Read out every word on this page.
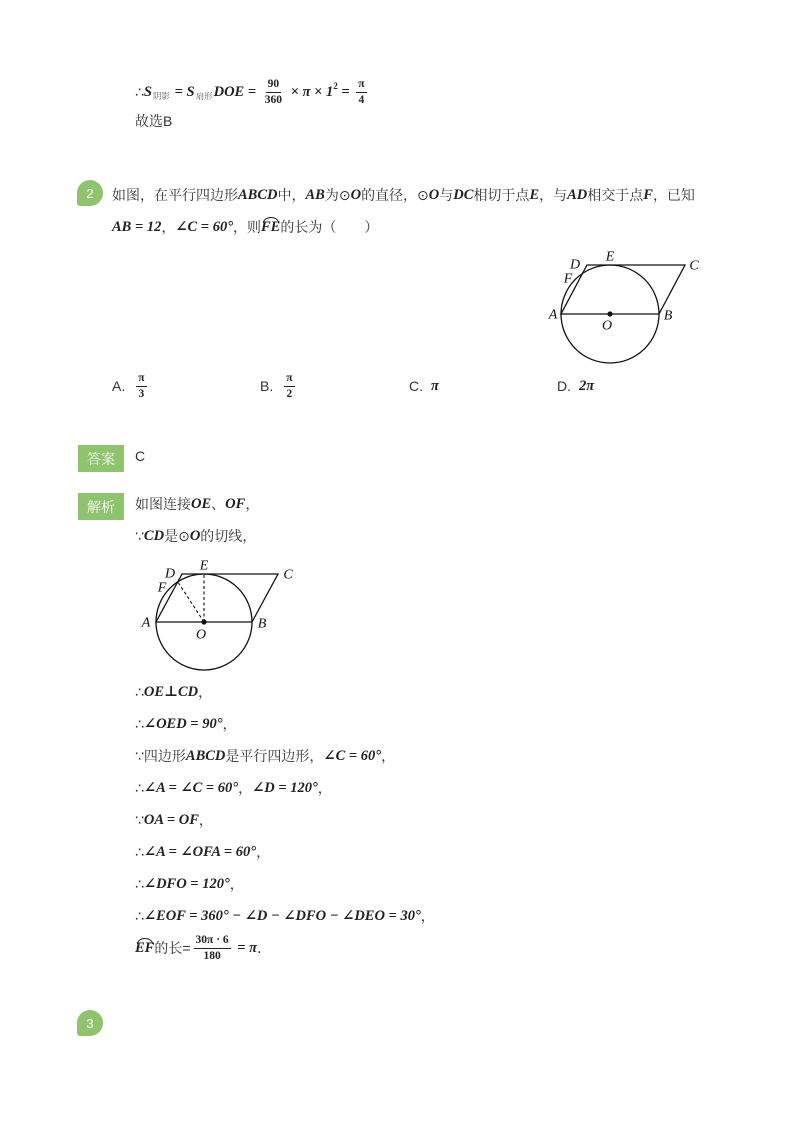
∴ S 阴影 = S 扇形 DOE = $\frac{90}{360} \times \pi \times 1$ $2 = \frac{\pi}{4}$
故选B
2	如图，在平行四边形 ABCD 中， AB 为⊙ O 的直径，⊙ O 与 DC 相切于点 E ，与 AD 相交于点 F ，已知
AB = 12 ， ∠C = 60° ，则 FE 的长为（　　）
D
E
C
F
A
O
B
A. $\frac{\pi}{3}$	B. $\frac{\pi}{2}$	C. π	D. 2π
答案	C
解析	如图连接 OE 、 OF ，
∵ CD 是⊙ O 的切线，
D
E
C
F
A
O
B
∴ OE⊥CD ，
∴ ∠OED = 90° ，
∵四边形 ABCD 是平行四边形， ∠C = 60° ，
∴ ∠A = ∠C = 60° ， ∠D = 120° ，
∵ OA = OF ，
∴ ∠A = ∠OFA = 60° ，
∴ ∠DFO = 120° ，
∴ ∠EOF = 360° − ∠D − ∠DFO − ∠DEO = 30° ，
EF 的长= $\frac{30\pi \cdot 6}{180} = \pi$ ．
3
